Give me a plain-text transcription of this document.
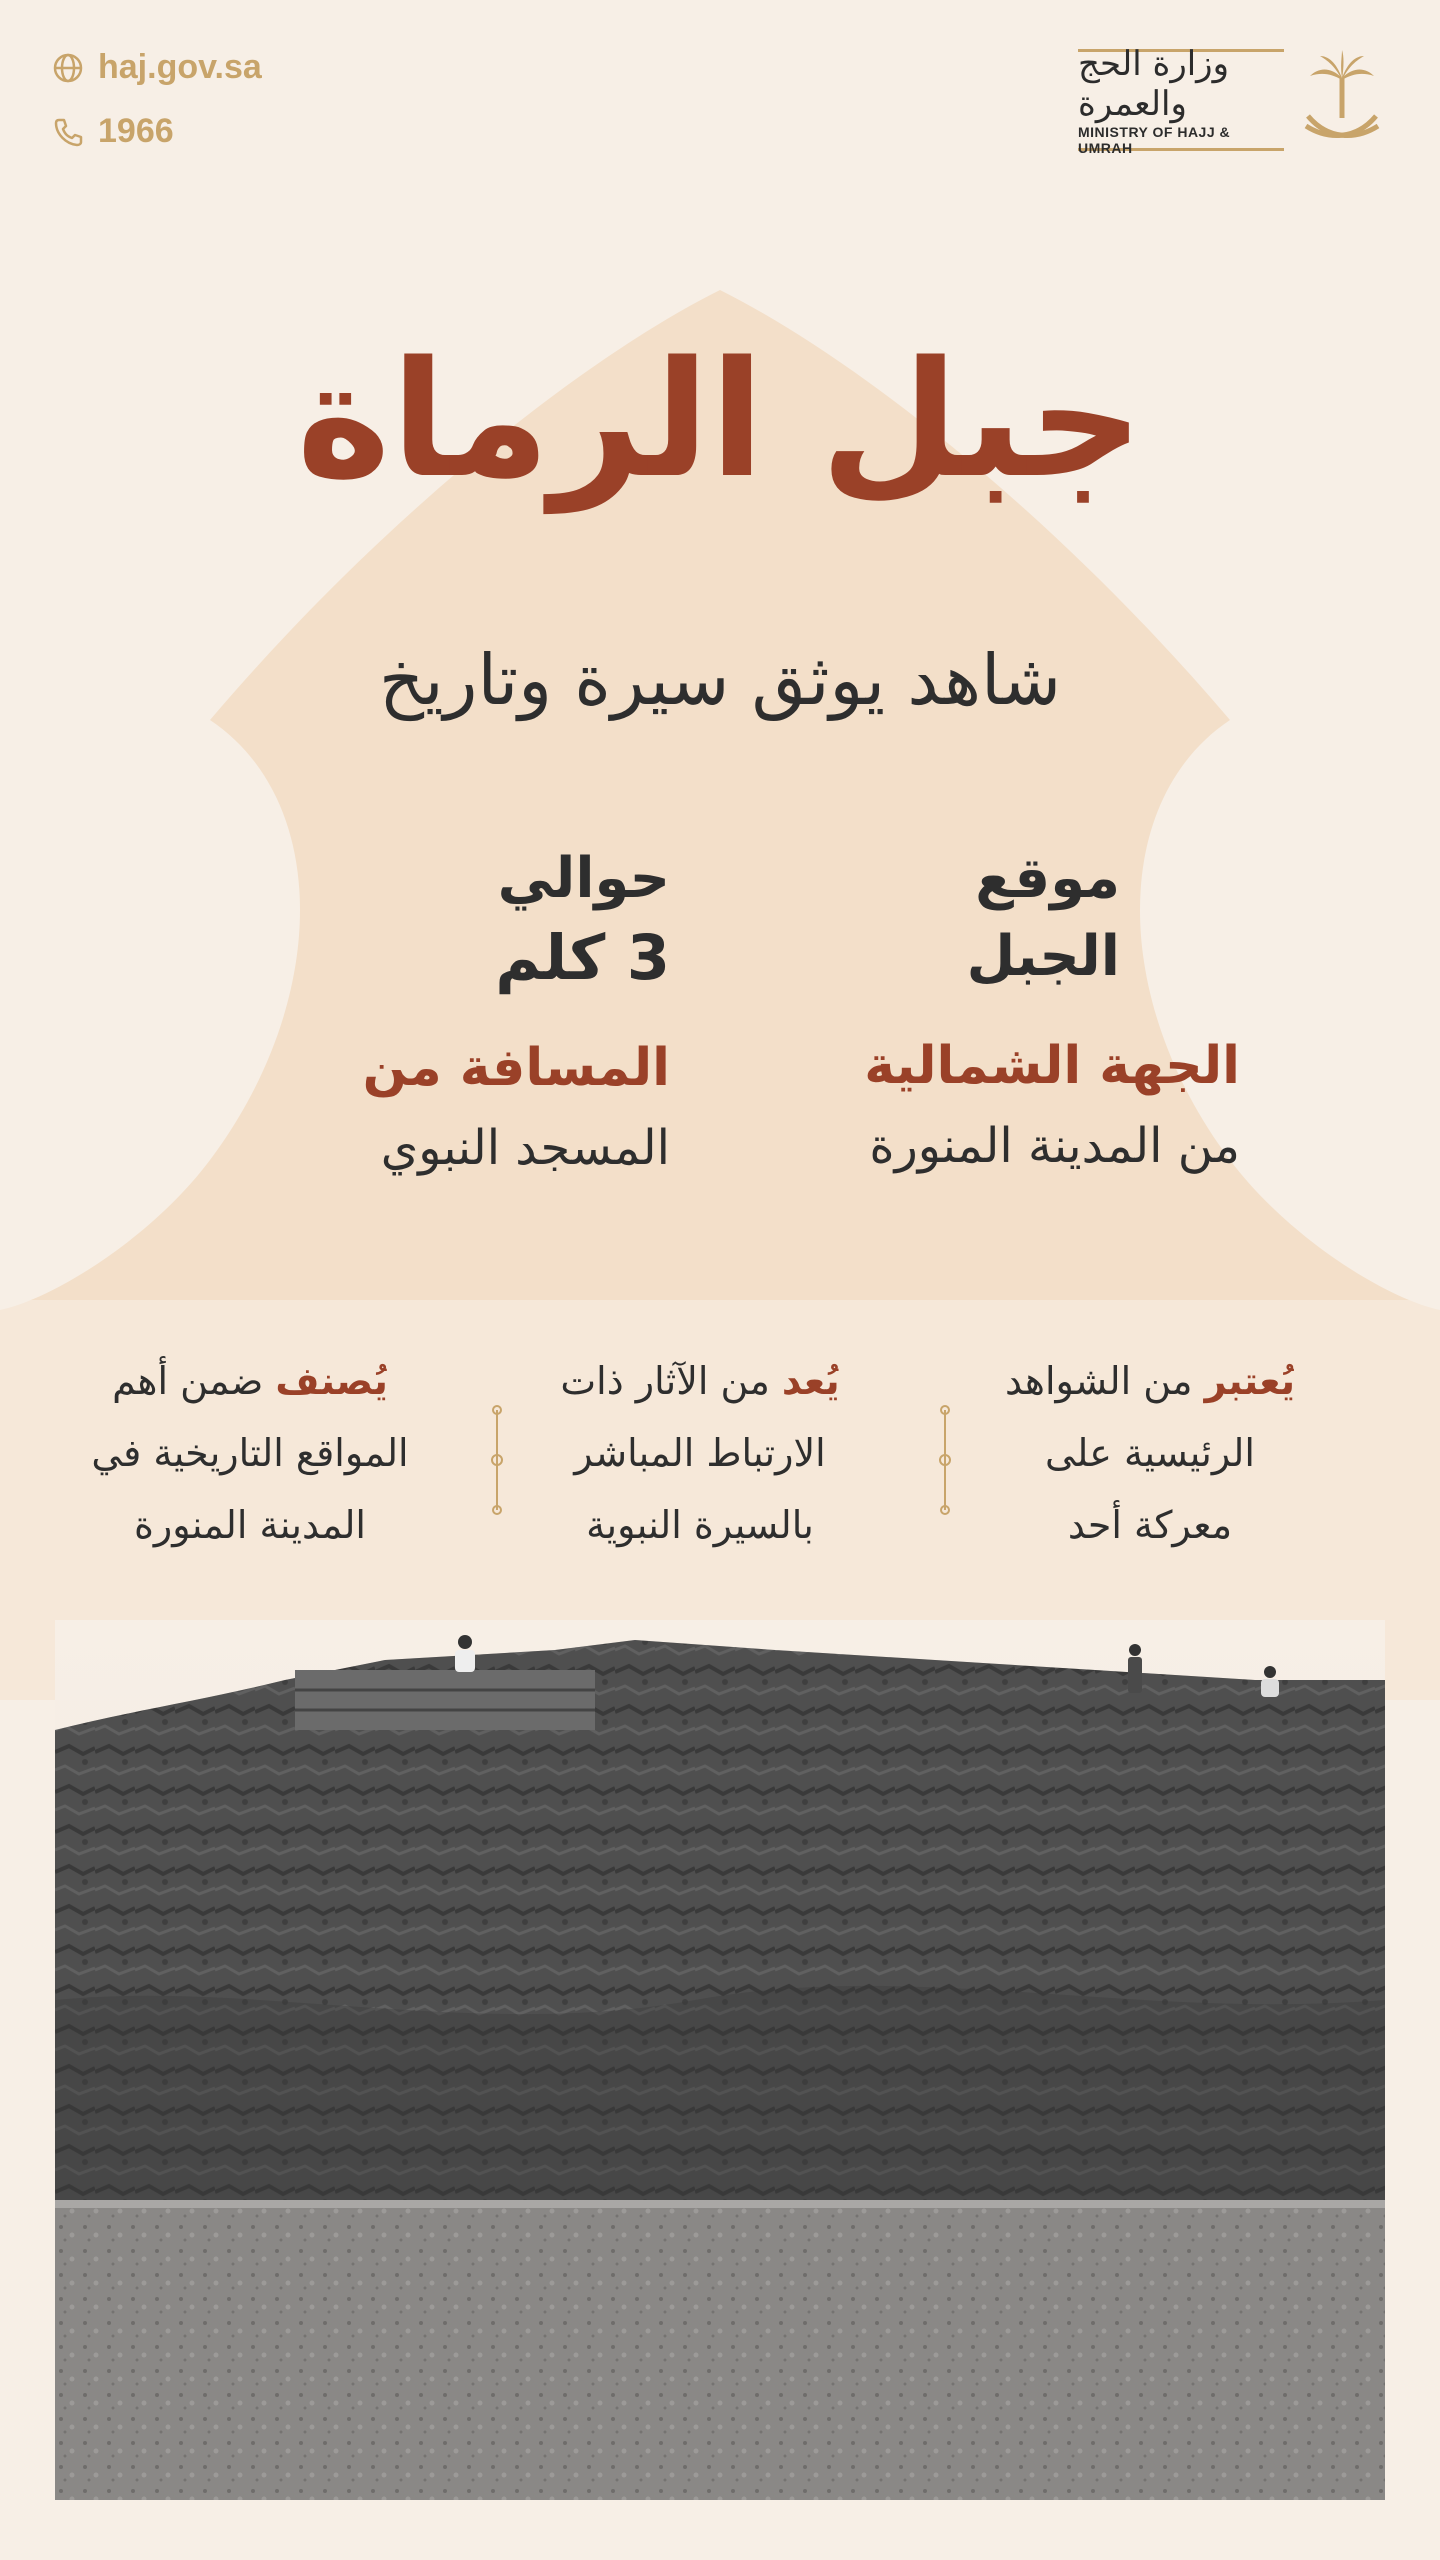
haj.gov.sa
1966
وزارة الحج والعمرة
MINISTRY OF HAJJ & UMRAH
جبل الرماة
شاهد يوثق سيرة وتاريخ
موقع
الجبل
الجهة الشمالية
من المدينة المنورة
حوالي
3 كلم
المسافة من
المسجد النبوي
يُعتبر من الشواهد
الرئيسية على
معركة أحد
يُعد من الآثار ذات
الارتباط المباشر
بالسيرة النبوية
يُصنف ضمن أهم
المواقع التاريخية في
المدينة المنورة
